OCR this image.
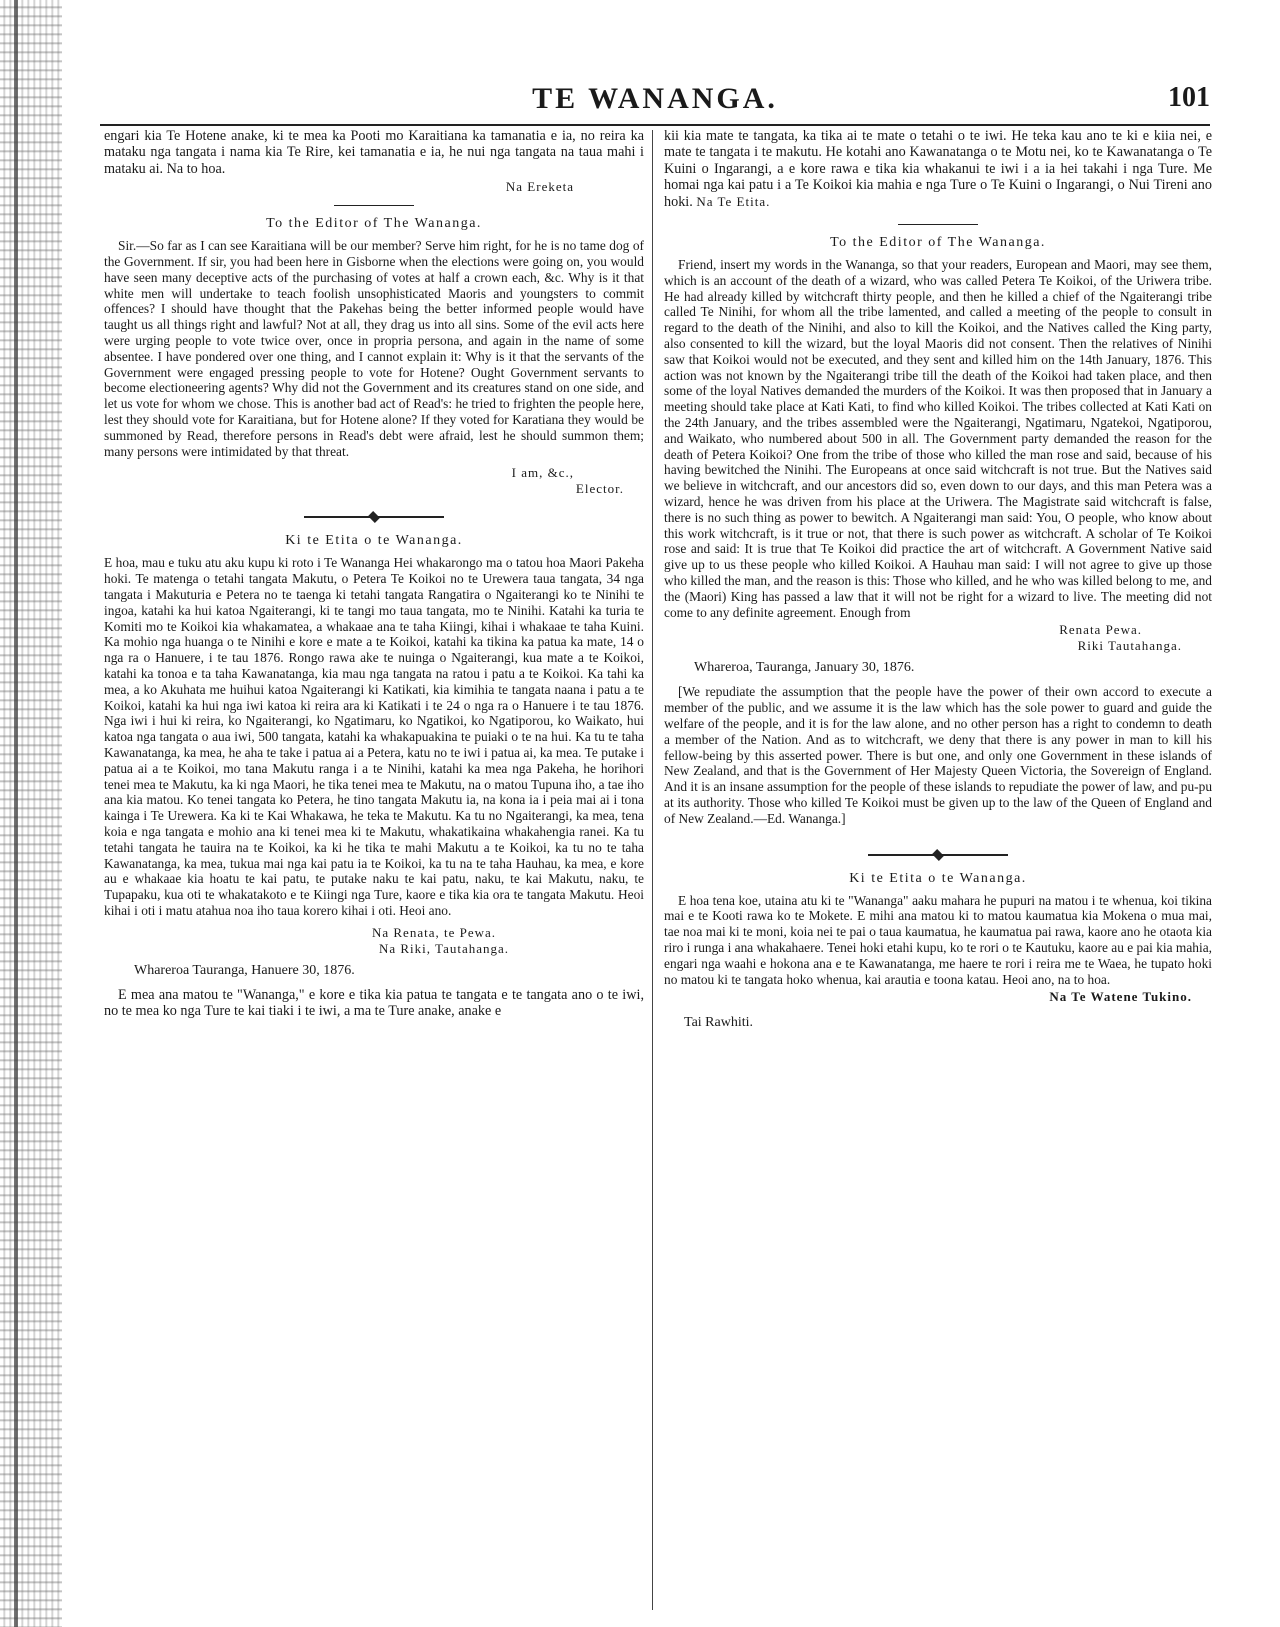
TE WANANGA.	101

engari kia Te Hotene anake, ki te mea ka Pooti mo Karaitiana ka tamanatia e ia, no reira ka mataku nga tangata i nama kia Te Rire, kei tamanatia e ia, he nui nga tangata na taua mahi i mataku ai. Na to hoa.

Na Ereketa

To the Editor of The Wananga.

Sir.—So far as I can see Karaitiana will be our member? Serve him right, for he is no tame dog of the Government. If sir, you had been here in Gisborne when the elections were going on, you would have seen many deceptive acts of the purchasing of votes at half a crown each, &c. Why is it that white men will undertake to teach foolish unsophisticated Maoris and youngsters to commit offences? I should have thought that the Pakehas being the better informed people would have taught us all things right and lawful? Not at all, they drag us into all sins. Some of the evil acts here were urging people to vote twice over, once in propria persona, and again in the name of some absentee. I have pondered over one thing, and I cannot explain it: Why is it that the servants of the Government were engaged pressing people to vote for Hotene? Ought Government servants to become electioneering agents? Why did not the Government and its creatures stand on one side, and let us vote for whom we chose. This is another bad act of Read's: he tried to frighten the people here, lest they should vote for Karaitiana, but for Hotene alone? If they voted for Karatiana they would be summoned by Read, therefore persons in Read's debt were afraid, lest he should summon them; many persons were intimidated by that threat.

I am, &c.,

Elector.

Ki te Etita o te Wananga.

E hoa, mau e tuku atu aku kupu ki roto i Te Wananga Hei whakarongo ma o tatou hoa Maori Pakeha hoki. Te matenga o tetahi tangata Makutu, o Petera Te Koikoi no te Urewera taua tangata, 34 nga tangata i Makuturia e Petera no te taenga ki tetahi tangata Rangatira o Ngaiterangi ko te Ninihi te ingoa, katahi ka hui katoa Ngaiterangi, ki te tangi mo taua tangata, mo te Ninihi. Katahi ka turia te Komiti mo te Koikoi kia whakamatea, a whakaae ana te taha Kiingi, kihai i whakaae te taha Kuini. Ka mohio nga huanga o te Ninihi e kore e mate a te Koikoi, katahi ka tikina ka patua ka mate, 14 o nga ra o Hanuere, i te tau 1876. Rongo rawa ake te nuinga o Ngaiterangi, kua mate a te Koikoi, katahi ka tonoa e ta taha Kawanatanga, kia mau nga tangata na ratou i patu a te Koikoi. Ka tahi ka mea, a ko Akuhata me huihui katoa Ngaiterangi ki Katikati, kia kimihia te tangata naana i patu a te Koikoi, katahi ka hui nga iwi katoa ki reira ara ki Katikati i te 24 o nga ra o Hanuere i te tau 1876. Nga iwi i hui ki reira, ko Ngaiterangi, ko Ngatimaru, ko Ngatikoi, ko Ngatiporou, ko Waikato, hui katoa nga tangata o aua iwi, 500 tangata, katahi ka whakapuakina te puiaki o te na hui. Ka tu te taha Kawanatanga, ka mea, he aha te take i patua ai a Petera, katu no te iwi i patua ai, ka mea. Te putake i patua ai a te Koikoi, mo tana Makutu ranga i a te Ninihi, katahi ka mea nga Pakeha, he horihori tenei mea te Makutu, ka ki nga Maori, he tika tenei mea te Makutu, na o matou Tupuna iho, a tae iho ana kia matou. Ko tenei tangata ko Petera, he tino tangata Makutu ia, na kona ia i peia mai ai i tona kainga i Te Urewera. Ka ki te Kai Whakawa, he teka te Makutu. Ka tu no Ngaiterangi, ka mea, tena koia e nga tangata e mohio ana ki tenei mea ki te Makutu, whakatikaina whakahengia ranei. Ka tu tetahi tangata he tauira na te Koikoi, ka ki he tika te mahi Makutu a te Koikoi, ka tu no te taha Kawanatanga, ka mea, tukua mai nga kai patu ia te Koikoi, ka tu na te taha Hauhau, ka mea, e kore au e whakaae kia hoatu te kai patu, te putake naku te kai patu, naku, te kai Makutu, naku, te Tupapaku, kua oti te whakatakoto e te Kiingi nga Ture, kaore e tika kia ora te tangata Makutu. Heoi kihai i oti i matu atahua noa iho taua korero kihai i oti. Heoi ano.

Na Renata, te Pewa.

Na Riki, Tautahanga.

Whareroa Tauranga, Hanuere 30, 1876.

E mea ana matou te "Wananga," e kore e tika kia patua te tangata e te tangata ano o te iwi, no te mea ko nga Ture te kai tiaki i te iwi, a ma te Ture anake, anake e

kii kia mate te tangata, ka tika ai te mate o tetahi o te iwi. He teka kau ano te ki e kiia nei, e mate te tangata i te makutu. He kotahi ano Kawanatanga o te Motu nei, ko te Kawanatanga o Te Kuini o Ingarangi, a e kore rawa e tika kia whakanui te iwi i a ia hei takahi i nga Ture. Me homai nga kai patu i a Te Koikoi kia mahia e nga Ture o Te Kuini o Ingarangi, o Nui Tireni ano hoki. Na Te Etita.

To the Editor of The Wananga.

Friend, insert my words in the Wananga, so that your readers, European and Maori, may see them, which is an account of the death of a wizard, who was called Petera Te Koikoi, of the Uriwera tribe. He had already killed by witchcraft thirty people, and then he killed a chief of the Ngaiterangi tribe called Te Ninihi, for whom all the tribe lamented, and called a meeting of the people to consult in regard to the death of the Ninihi, and also to kill the Koikoi, and the Natives called the King party, also consented to kill the wizard, but the loyal Maoris did not consent. Then the relatives of Ninihi saw that Koikoi would not be executed, and they sent and killed him on the 14th January, 1876. This action was not known by the Ngaiterangi tribe till the death of the Koikoi had taken place, and then some of the loyal Natives demanded the murders of the Koikoi. It was then proposed that in January a meeting should take place at Kati Kati, to find who killed Koikoi. The tribes collected at Kati Kati on the 24th January, and the tribes assembled were the Ngaiterangi, Ngatimaru, Ngatekoi, Ngatiporou, and Waikato, who numbered about 500 in all. The Government party demanded the reason for the death of Petera Koikoi? One from the tribe of those who killed the man rose and said, because of his having bewitched the Ninihi. The Europeans at once said witchcraft is not true. But the Natives said we believe in witchcraft, and our ancestors did so, even down to our days, and this man Petera was a wizard, hence he was driven from his place at the Uriwera. The Magistrate said witchcraft is false, there is no such thing as power to bewitch. A Ngaiterangi man said: You, O people, who know about this work witchcraft, is it true or not, that there is such power as witchcraft. A scholar of Te Koikoi rose and said: It is true that Te Koikoi did practice the art of witchcraft. A Government Native said give up to us these people who killed Koikoi. A Hauhau man said: I will not agree to give up those who killed the man, and the reason is this: Those who killed, and he who was killed belong to me, and the (Maori) King has passed a law that it will not be right for a wizard to live. The meeting did not come to any definite agreement. Enough from

Renata Pewa.

Riki Tautahanga.

Whareroa, Tauranga, January 30, 1876.

[We repudiate the assumption that the people have the power of their own accord to execute a member of the public, and we assume it is the law which has the sole power to guard and guide the welfare of the people, and it is for the law alone, and no other person has a right to condemn to death a member of the Nation. And as to witchcraft, we deny that there is any power in man to kill his fellow-being by this asserted power. There is but one, and only one Government in these islands of New Zealand, and that is the Government of Her Majesty Queen Victoria, the Sovereign of England. And it is an insane assumption for the people of these islands to repudiate the power of law, and pu-pu at its authority. Those who killed Te Koikoi must be given up to the law of the Queen of England and of New Zealand.—Ed. Wananga.]

Ki te Etita o te Wananga.

E hoa tena koe, utaina atu ki te "Wananga" aaku mahara he pupuri na matou i te whenua, koi tikina mai e te Kooti rawa ko te Mokete. E mihi ana matou ki to matou kaumatua kia Mokena o mua mai, tae noa mai ki te moni, koia nei te pai o taua kaumatua, he kaumatua pai rawa, kaore ano he otaota kia riro i runga i ana whakahaere. Tenei hoki etahi kupu, ko te rori o te Kautuku, kaore au e pai kia mahia, engari nga waahi e hokona ana e te Kawanatanga, me haere te rori i reira me te Waea, he tupato hoki no matou ki te tangata hoko whenua, kai arautia e toona katau. Heoi ano, na to hoa.

Na Te Watene Tukino.

Tai Rawhiti.
